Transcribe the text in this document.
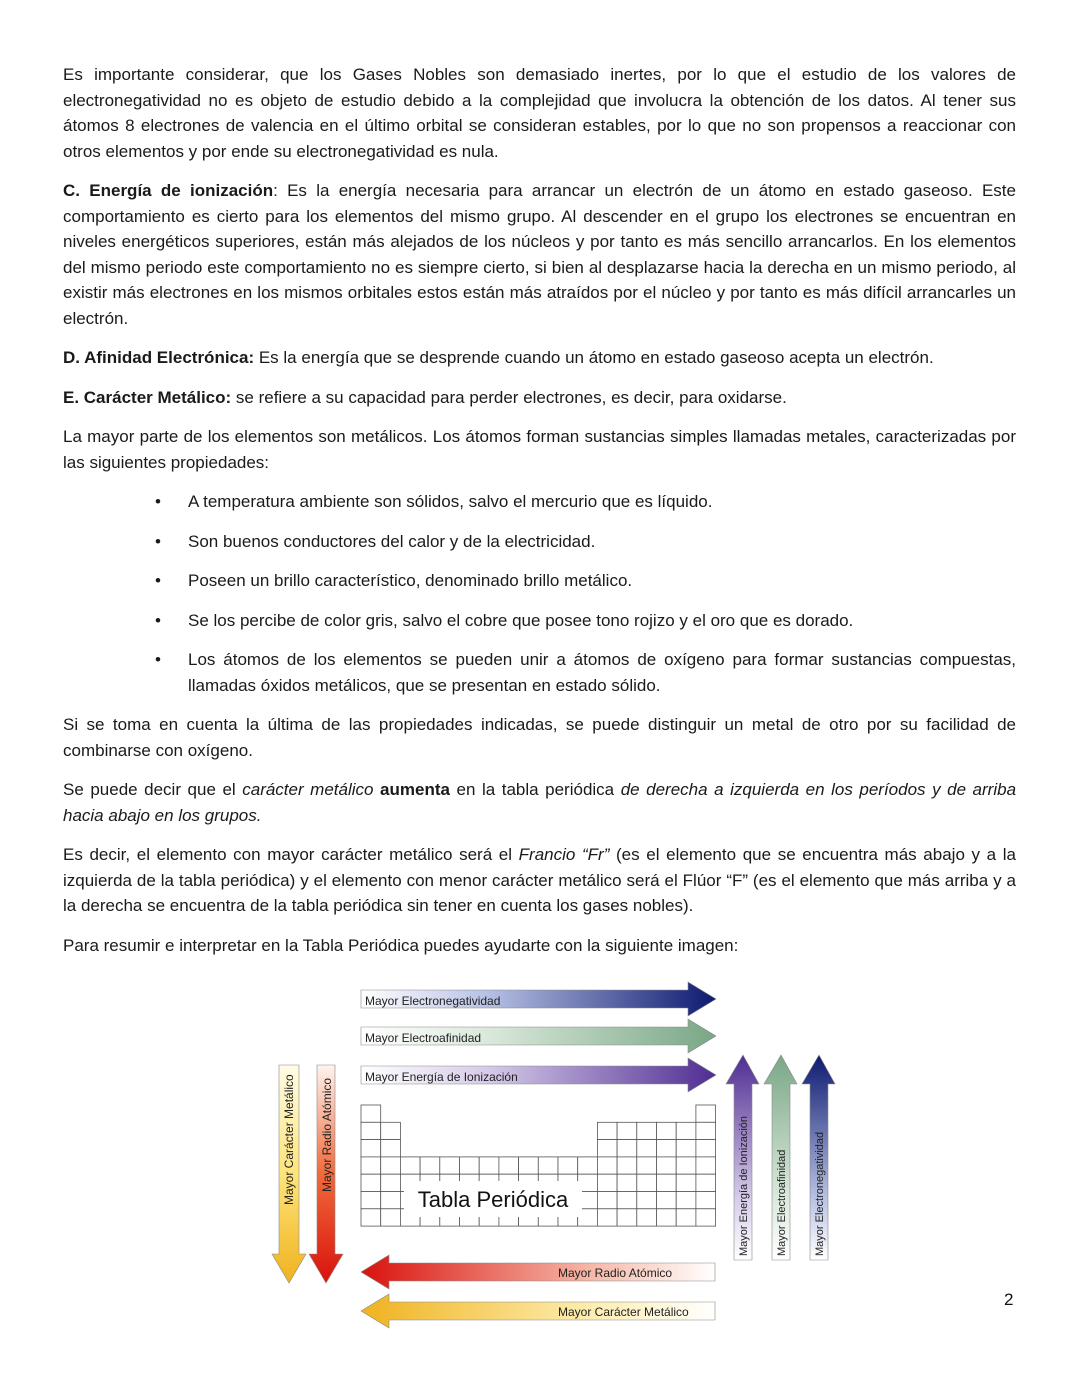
Es importante considerar, que los Gases Nobles son demasiado inertes, por lo que el estudio de los valores de electronegatividad no es objeto de estudio debido a la complejidad que involucra la obtención de los datos. Al tener sus átomos 8 electrones de valencia en el último orbital se consideran estables, por lo que no son propensos a reaccionar con otros elementos y por ende su electronegatividad es nula.

C. Energía de ionización: Es la energía necesaria para arrancar un electrón de un átomo en estado gaseoso. Este comportamiento es cierto para los elementos del mismo grupo. Al descender en el grupo los electrones se encuentran en niveles energéticos superiores, están más alejados de los núcleos y por tanto es más sencillo arrancarlos. En los elementos del mismo periodo este comportamiento no es siempre cierto, si bien al desplazarse hacia la derecha en un mismo periodo, al existir más electrones en los mismos orbitales estos están más atraídos por el núcleo y por tanto es más difícil arrancarles un electrón.

D. Afinidad Electrónica: Es la energía que se desprende cuando un átomo en estado gaseoso acepta un electrón.

E. Carácter Metálico: se refiere a su capacidad para perder electrones, es decir, para oxidarse.

La mayor parte de los elementos son metálicos. Los átomos forman sustancias simples llamadas metales, caracterizadas por las siguientes propiedades:

• A temperatura ambiente son sólidos, salvo el mercurio que es líquido.
• Son buenos conductores del calor y de la electricidad.
• Poseen un brillo característico, denominado brillo metálico.
• Se los percibe de color gris, salvo el cobre que posee tono rojizo y el oro que es dorado.
• Los átomos de los elementos se pueden unir a átomos de oxígeno para formar sustancias compuestas, llamadas óxidos metálicos, que se presentan en estado sólido.

Si se toma en cuenta la última de las propiedades indicadas, se puede distinguir un metal de otro por su facilidad de combinarse con oxígeno.

Se puede decir que el carácter metálico aumenta en la tabla periódica de derecha a izquierda en los períodos y de arriba hacia abajo en los grupos.

Es decir, el elemento con mayor carácter metálico será el Francio “Fr” (es el elemento que se encuentra más abajo y a la izquierda de la tabla periódica) y el elemento con menor carácter metálico será el Flúor “F” (es el elemento que más arriba y a la derecha se encuentra de la tabla periódica sin tener en cuenta los gases nobles).

Para resumir e interpretar en la Tabla Periódica puedes ayudarte con la siguiente imagen:

Mayor Electronegatividad
Mayor Electroafinidad
Mayor Energía de Ionización
Mayor Carácter Metálico Mayor Radio Atómico	Mayor Energía de Ionización Mayor Electroafinidad Mayor Electronegatividad
Mayor Radio Atómico
Mayor Carácter Metálico
Tabla Periódica
2
